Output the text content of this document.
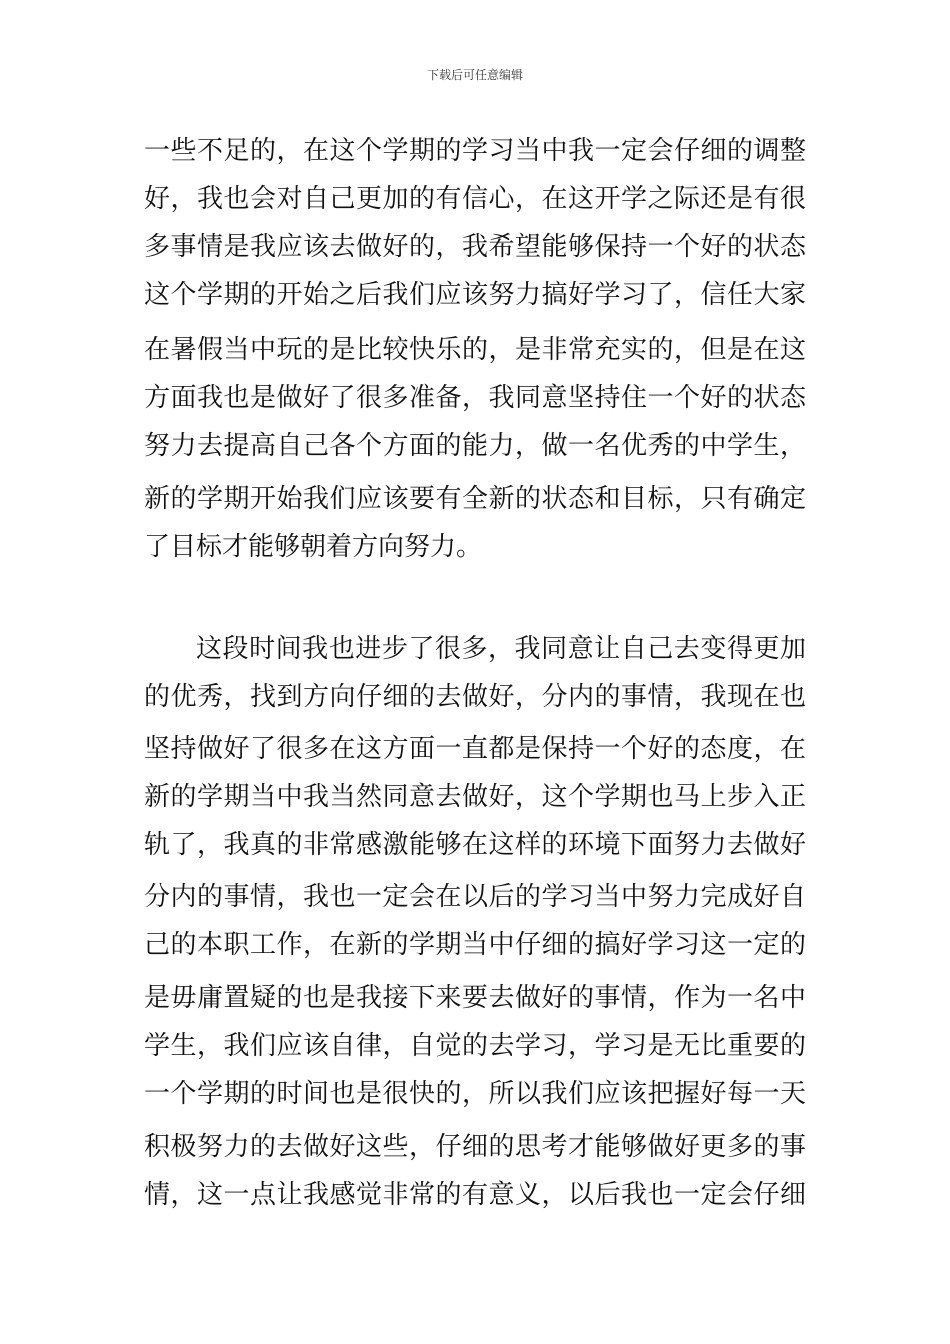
下载后可任意编辑
一些不足的，在这个学期的学习当中我一定会仔细的调整
好，我也会对自己更加的有信心，在这开学之际还是有很
多事情是我应该去做好的，我希望能够保持一个好的状态
这个学期的开始之后我们应该努力搞好学习了，信任大家
在暑假当中玩的是比较快乐的，是非常充实的，但是在这
方面我也是做好了很多准备，我同意坚持住一个好的状态
努力去提高自己各个方面的能力，做一名优秀的中学生，
新的学期开始我们应该要有全新的状态和目标，只有确定
了目标才能够朝着方向努力。
这段时间我也进步了很多，我同意让自己去变得更加
的优秀，找到方向仔细的去做好，分内的事情，我现在也
坚持做好了很多在这方面一直都是保持一个好的态度，在
新的学期当中我当然同意去做好，这个学期也马上步入正
轨了，我真的非常感激能够在这样的环境下面努力去做好
分内的事情，我也一定会在以后的学习当中努力完成好自
己的本职工作，在新的学期当中仔细的搞好学习这一定的
是毋庸置疑的也是我接下来要去做好的事情，作为一名中
学生，我们应该自律，自觉的去学习，学习是无比重要的
一个学期的时间也是很快的，所以我们应该把握好每一天
积极努力的去做好这些，仔细的思考才能够做好更多的事
情，这一点让我感觉非常的有意义，以后我也一定会仔细
